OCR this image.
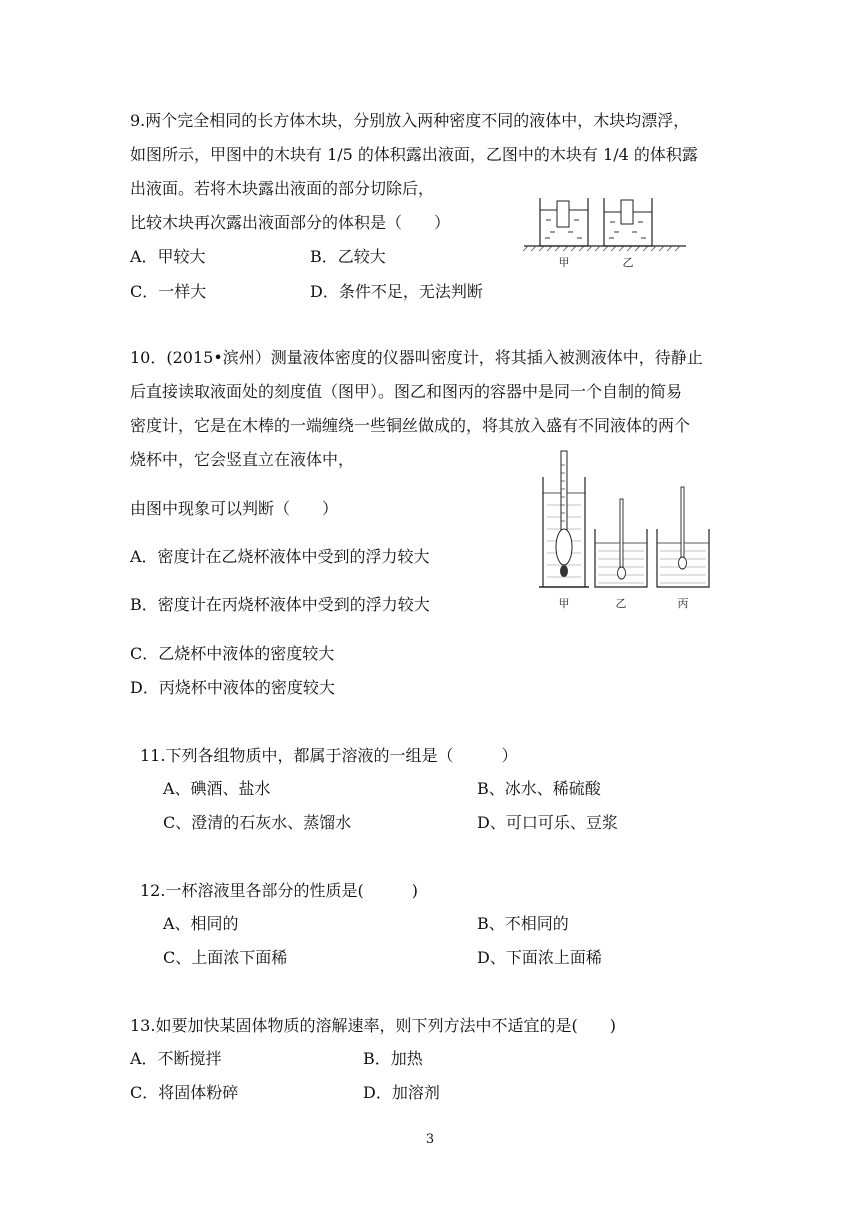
9.两个完全相同的长方体木块，分别放入两种密度不同的液体中，木块均漂浮，
如图所示，甲图中的木块有 1/5 的体积露出液面，乙图中的木块有 1/4 的体积露
出液面。若将木块露出液面的部分切除后，
比较木块再次露出液面部分的体积是（　　）
A．甲较大	B．乙较大
C．一样大	D．条件不足，无法判断
甲	乙
10．(2015•滨州）测量液体密度的仪器叫密度计，将其插入被测液体中，待静止
后直接读取液面处的刻度值（图甲）。图乙和图丙的容器中是同一个自制的简易
密度计，它是在木棒的一端缠绕一些铜丝做成的，将其放入盛有不同液体的两个
烧杯中，它会竖直立在液体中，
由图中现象可以判断（　　）
A．密度计在乙烧杯液体中受到的浮力较大
B．密度计在丙烧杯液体中受到的浮力较大
C．乙烧杯中液体的密度较大
D．丙烧杯中液体的密度较大
甲	乙	丙
11.下列各组物质中，都属于溶液的一组是（　　　）
A、碘酒、盐水	B、冰水、稀硫酸
C、澄清的石灰水、蒸馏水	D、可口可乐、豆浆
12.一杯溶液里各部分的性质是(　　　)
A、相同的	B、不相同的
C、上面浓下面稀	D、下面浓上面稀
13.如要加快某固体物质的溶解速率，则下列方法中不适宜的是(　　)
A．不断搅拌	B．加热
C．将固体粉碎	D．加溶剂
3
